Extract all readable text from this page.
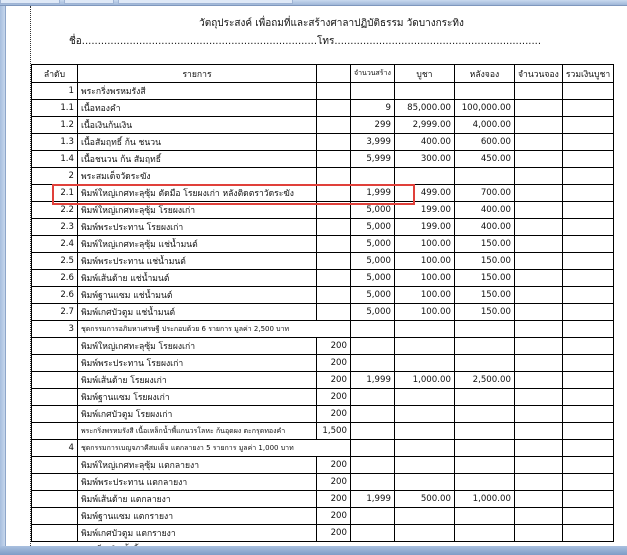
วัตถุประสงค์ เพื่อถมที่และสร้างศาลาปฏิบัติธรรม วัดบางกระทิง
ชื่อ..........................................................................โทร.................................................................
ลำดับ	รายการ		จำนวนสร้าง	บูชา	หลังจอง	จำนวนจอง	รวมเงินบูชา
1	พระกริ่งพรหมรังสี						
1.1	เนื้อทองคำ		9	85,000.00	100,000.00		
1.2	เนื้อเงินก้นเงิน		299	2,999.00	4,000.00		
1.3	เนื้อสัมฤทธิ์ ก้น ชนวน		3,999	400.00	600.00		
1.4	เนื้อชนวน ก้น สัมฤทธิ์		5,999	300.00	450.00		
2	พระสมเด็จวัดระฆัง						
2.1	พิมพ์ใหญ่เกศทะลุซุ้ม ตัดมือ โรยผงเก่า หลังติดตราวัดระฆัง		1,999	499.00	700.00		
2.2	พิมพ์ใหญ่เกศทะลุซุ้ม โรยผงเก่า		5,000	199.00	400.00		
2.3	พิมพ์พระประทาน โรยผงเก่า		5,000	199.00	400.00		
2.4	พิมพ์ใหญ่เกศทะลุซุ้ม แช่น้ำมนต์		5,000	100.00	150.00		
2.5	พิมพ์พระประทาน แช่น้ำมนต์		5,000	100.00	150.00		
2.6	พิมพ์เส้นด้าย แช่น้ำมนต์		5,000	100.00	150.00		
2.6	พิมพ์ฐานแซม แช่น้ำมนต์		5,000	100.00	150.00		
2.7	พิมพ์เกศบัวตูม แช่น้ำมนต์		5,000	100.00	150.00		
3	ชุดกรรมการอภิมหาเศรษฐี ประกอบด้วย 6 รายการ มูลค่า 2,500 บาท						
	พิมพ์ใหญ่เกศทะลุซุ้ม โรยผงเก่า	200					
	พิมพ์พระประทาน โรยผงเก่า	200					
	พิมพ์เส้นด้าย โรยผงเก่า	200	1,999	1,000.00	2,500.00		
	พิมพ์ฐานแซม โรยผงเก่า	200					
	พิมพ์เกศบัวตูม โรยผงเก่า	200					
	พระกริ่งพรหมรังสี เนื้อเหล็กน้ำพี้แกนวรโลหะ ก้นอุดผง ตะกรุดทองคำ	1,500					
4	ชุดกรรมการเบญจภาคีสมเด็จ แตกลายงา 5 รายการ มูลค่า 1,000 บาท						
	พิมพ์ใหญ่เกศทะลุซุ้ม แตกลายงา	200					
	พิมพ์พระประทาน แตกลายงา	200					
	พิมพ์เส้นด้าย แตกลายงา	200	1,999	500.00	1,000.00		
	พิมพ์ฐานแซม แตกรายงา	200					
	พิมพ์เกศบัวตูม แตกรายงา	200					
